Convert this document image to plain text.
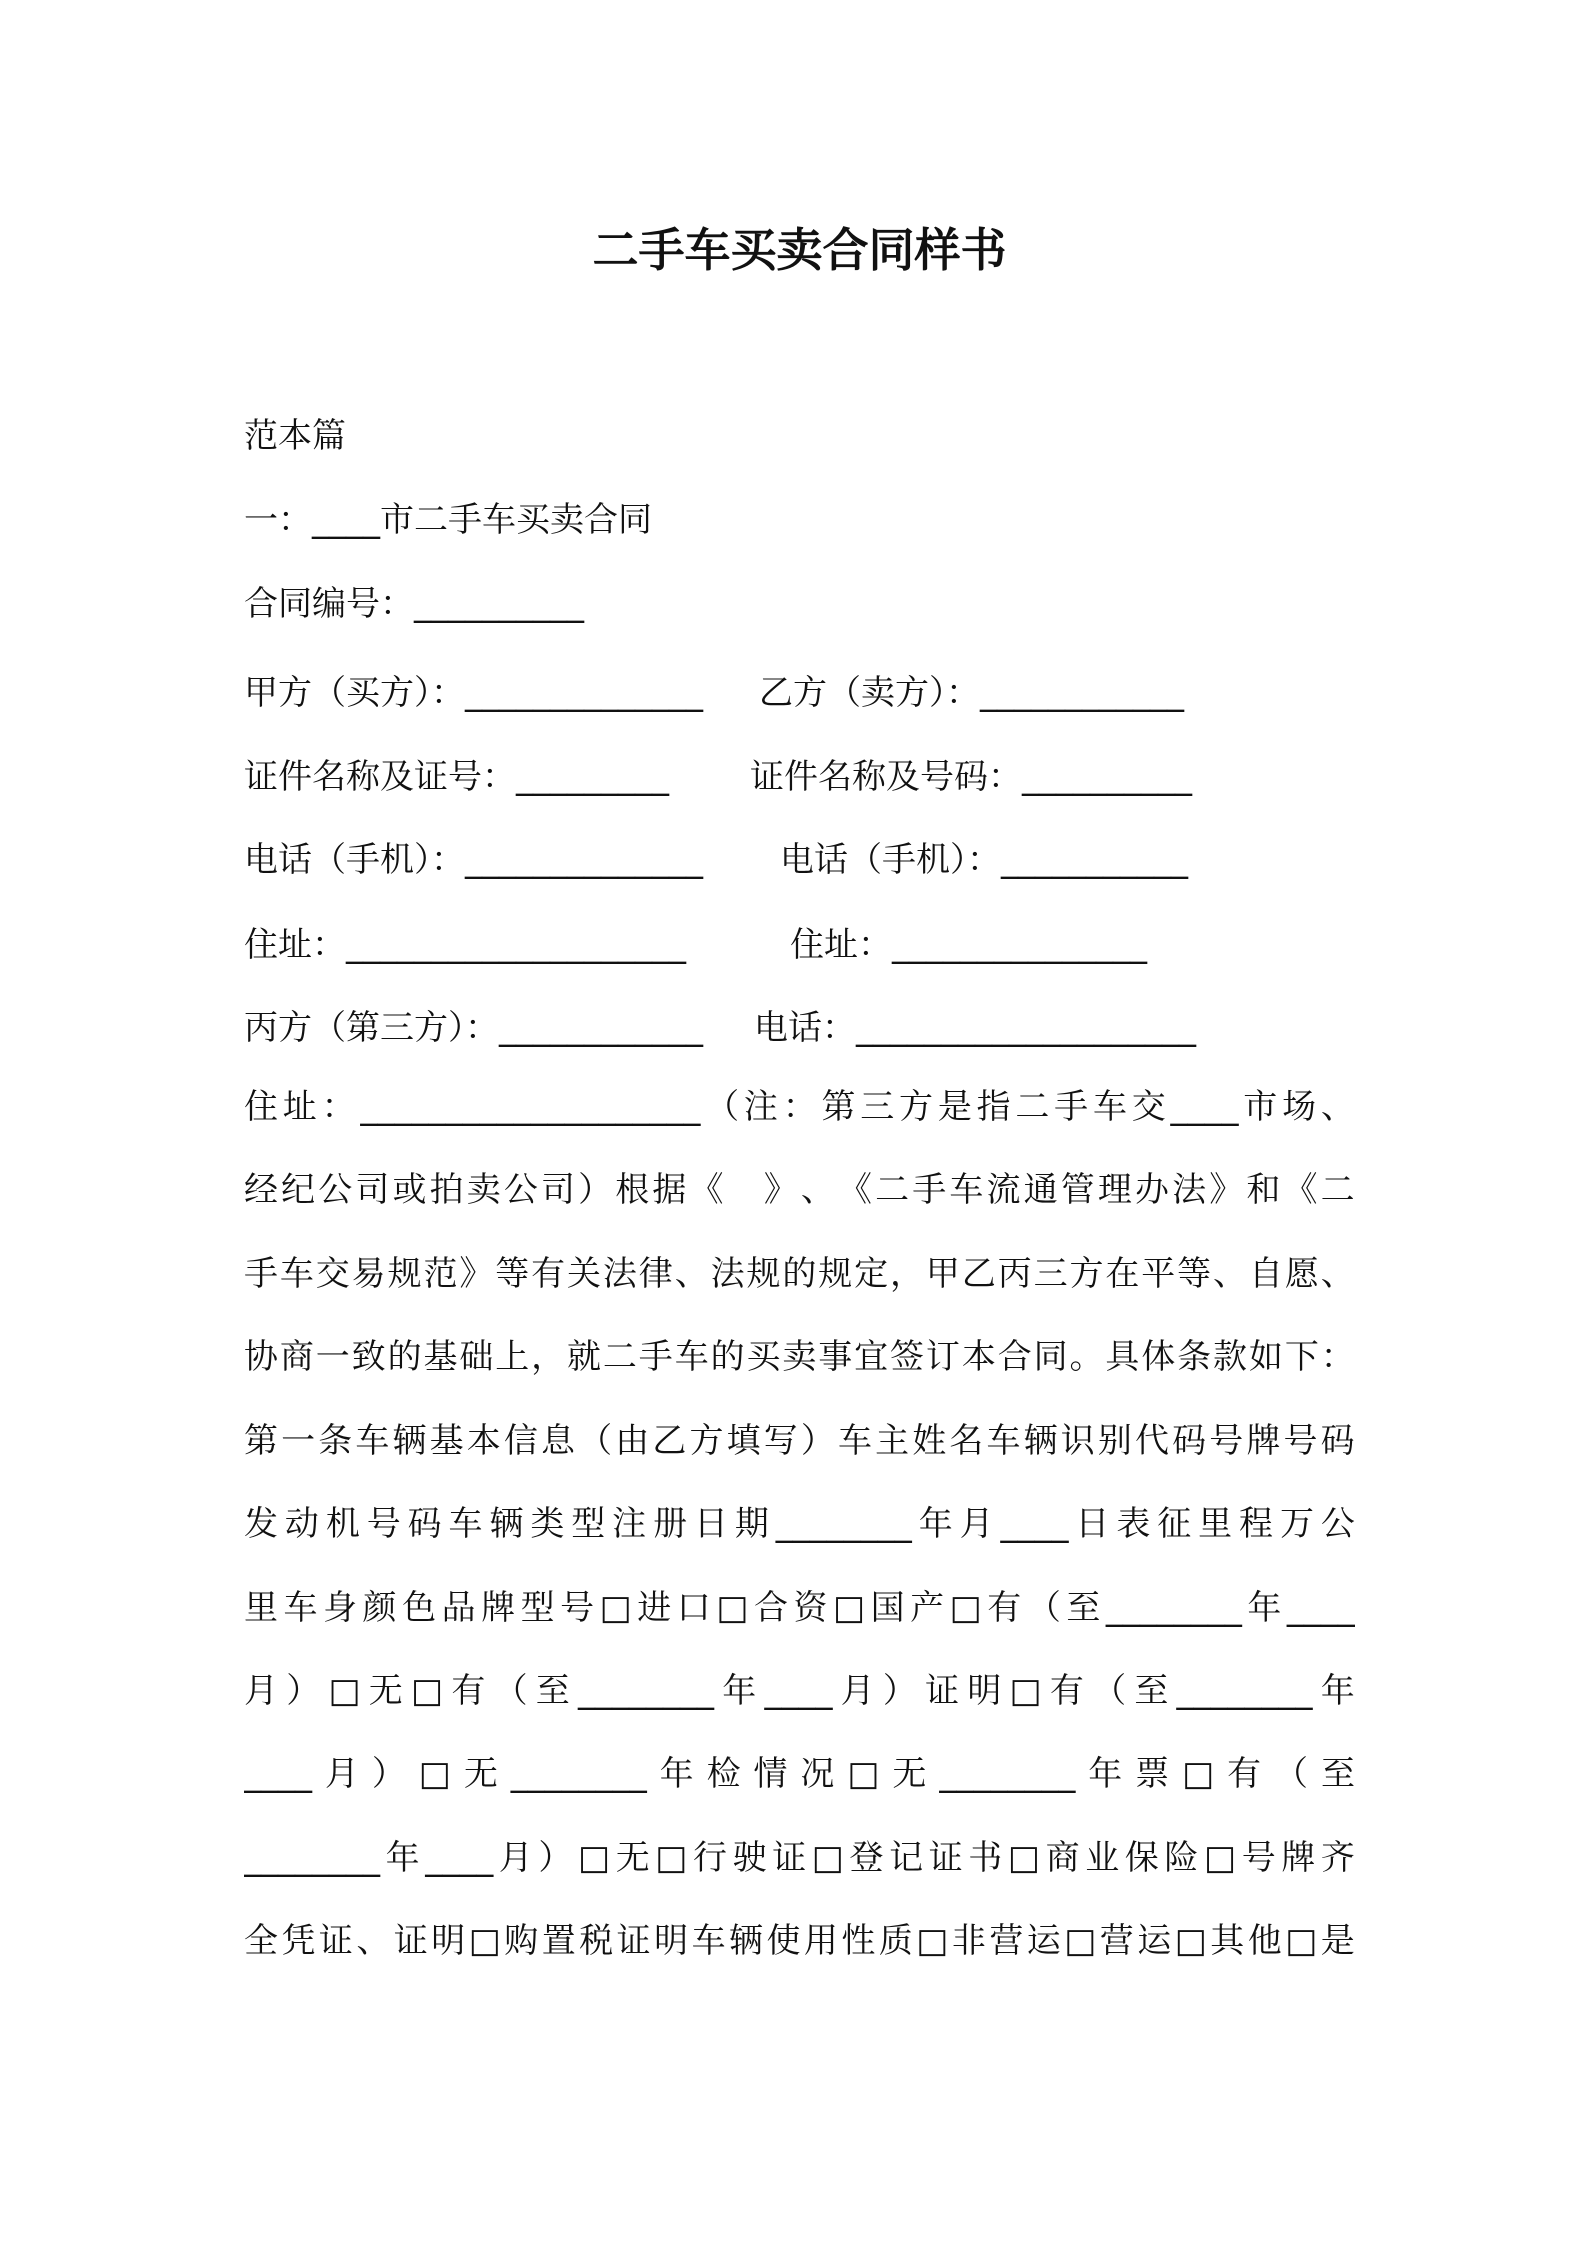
二手车买卖合同样书
范本篇
一：____市二手车买卖合同
合同编号：__________
甲方（买方）：______________ 乙方（卖方）：____________
证件名称及证号：_________ 证件名称及号码：__________
电话（手机）：______________ 电话（手机）：___________
住址：____________________	住址：_______________
丙方（第三方）：____________ 电话：____________________
住 址 ： ____________________ （ 注 ： 第 三 方 是 指 二 手 车 交 ____ 市 场 、
经 纪 公 司 或 拍 卖 公 司 ） 根 据 《
　 》 、 《 二 手 车 流 通 管 理 办 法 》 和 《 二
手 车 交 易 规 范 》 等 有 关 法 律 、 法 规 的 规 定 ， 甲 乙 丙 三 方 在 平 等 、 自 愿 、
协 商 一 致 的 基 础 上 ， 就 二 手 车 的 买 卖 事 宜 签 订 本 合 同 。 具 体 条 款 如 下 ：
第 一 条 车 辆 基 本 信 息 （ 由 乙 方 填 写 ） 车 主 姓 名 车 辆 识 别 代 码 号 牌 号 码
发 动 机 号 码 车 辆 类 型 注 册 日 期 ________ 年 月 ____ 日 表 征 里 程 万 公
里 车 身 颜 色 品 牌 型 号 □ 进 口 □ 合 资 □ 国 产 □ 有 （ 至 ________ 年 ____
月 ） □ 无 □ 有 （ 至 ________ 年 ____ 月 ） 证 明 □ 有 （ 至 ________ 年
____ 月 ） □ 无 ________ 年 检 情 况 □ 无 ________ 年 票 □ 有 （ 至
________ 年 ____ 月 ） □ 无 □ 行 驶 证 □ 登 记 证 书 □ 商 业 保 险 □ 号 牌 齐
全 凭 证 、 证 明 □ 购 置 税 证 明 车 辆 使 用 性 质 □ 非 营 运 □ 营 运 □ 其 他 □ 是
